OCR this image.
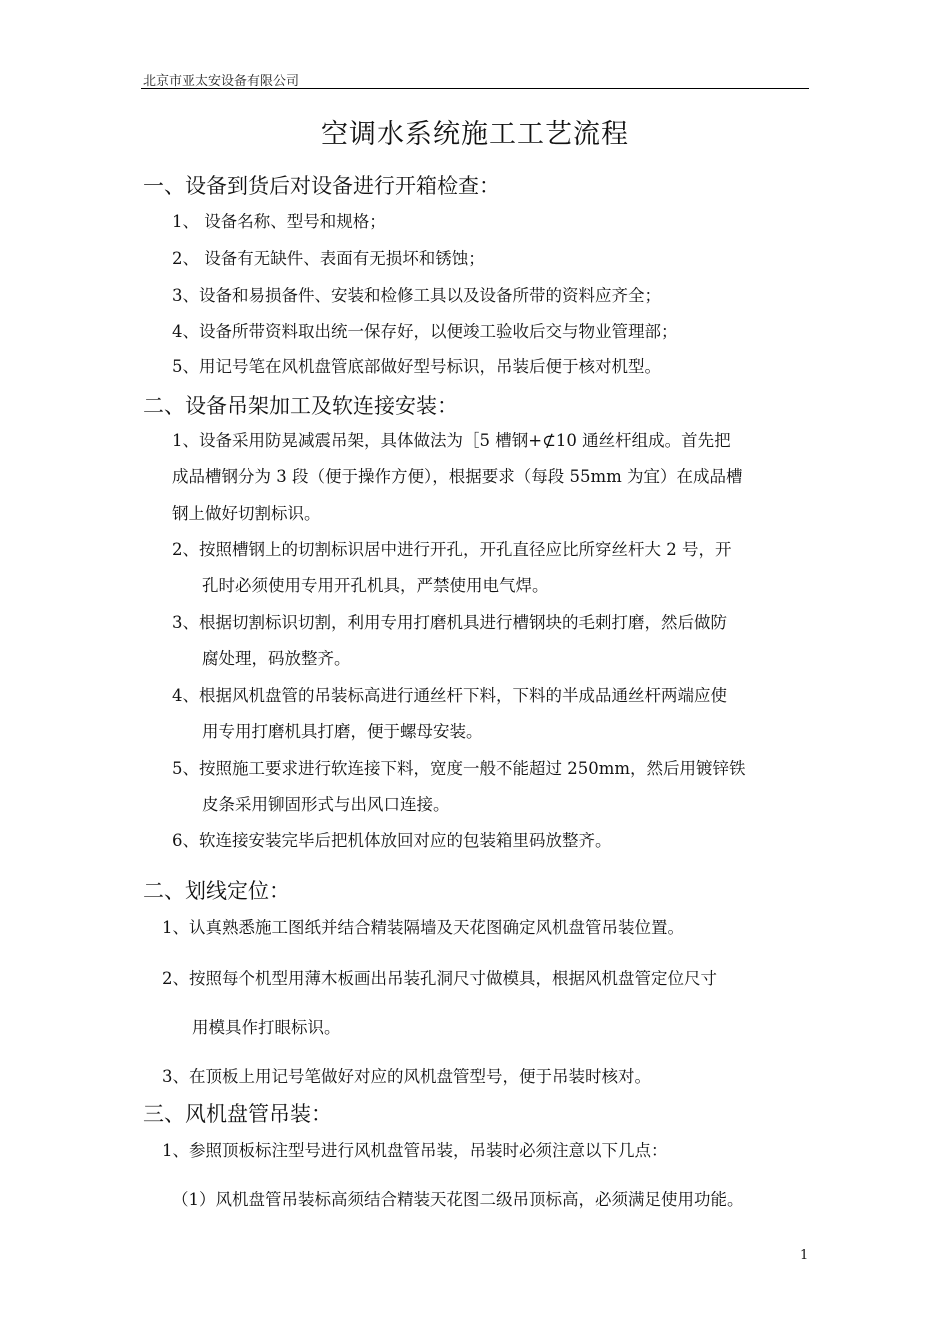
北京市亚太安设备有限公司
空调水系统施工工艺流程
一、设备到货后对设备进行开箱检查：
1、 设备名称、型号和规格；
2、 设备有无缺件、表面有无损坏和锈蚀；
3、设备和易损备件、安装和检修工具以及设备所带的资料应齐全；
4、设备所带资料取出统一保存好，以便竣工验收后交与物业管理部；
5、用记号笔在风机盘管底部做好型号标识，吊装后便于核对机型。
二、设备吊架加工及软连接安装：
1、设备采用防晃减震吊架，具体做法为［5 槽钢+⊄10 通丝杆组成。首先把
成品槽钢分为 3 段（便于操作方便），根据要求（每段 55mm 为宜）在成品槽
钢上做好切割标识。
2、按照槽钢上的切割标识居中进行开孔，开孔直径应比所穿丝杆大 2 号，开
孔时必须使用专用开孔机具，严禁使用电气焊。
3、根据切割标识切割，利用专用打磨机具进行槽钢块的毛刺打磨，然后做防
腐处理，码放整齐。
4、根据风机盘管的吊装标高进行通丝杆下料，下料的半成品通丝杆两端应使
用专用打磨机具打磨，便于螺母安装。
5、按照施工要求进行软连接下料，宽度一般不能超过 250mm，然后用镀锌铁
皮条采用铆固形式与出风口连接。
6、软连接安装完毕后把机体放回对应的包装箱里码放整齐。
二、划线定位：
1、认真熟悉施工图纸并结合精装隔墙及天花图确定风机盘管吊装位置。
2、按照每个机型用薄木板画出吊装孔洞尺寸做模具，根据风机盘管定位尺寸
用模具作打眼标识。
3、在顶板上用记号笔做好对应的风机盘管型号，便于吊装时核对。
三、风机盘管吊装：
1、参照顶板标注型号进行风机盘管吊装，吊装时必须注意以下几点：
（1）风机盘管吊装标高须结合精装天花图二级吊顶标高，必须满足使用功能。
1
